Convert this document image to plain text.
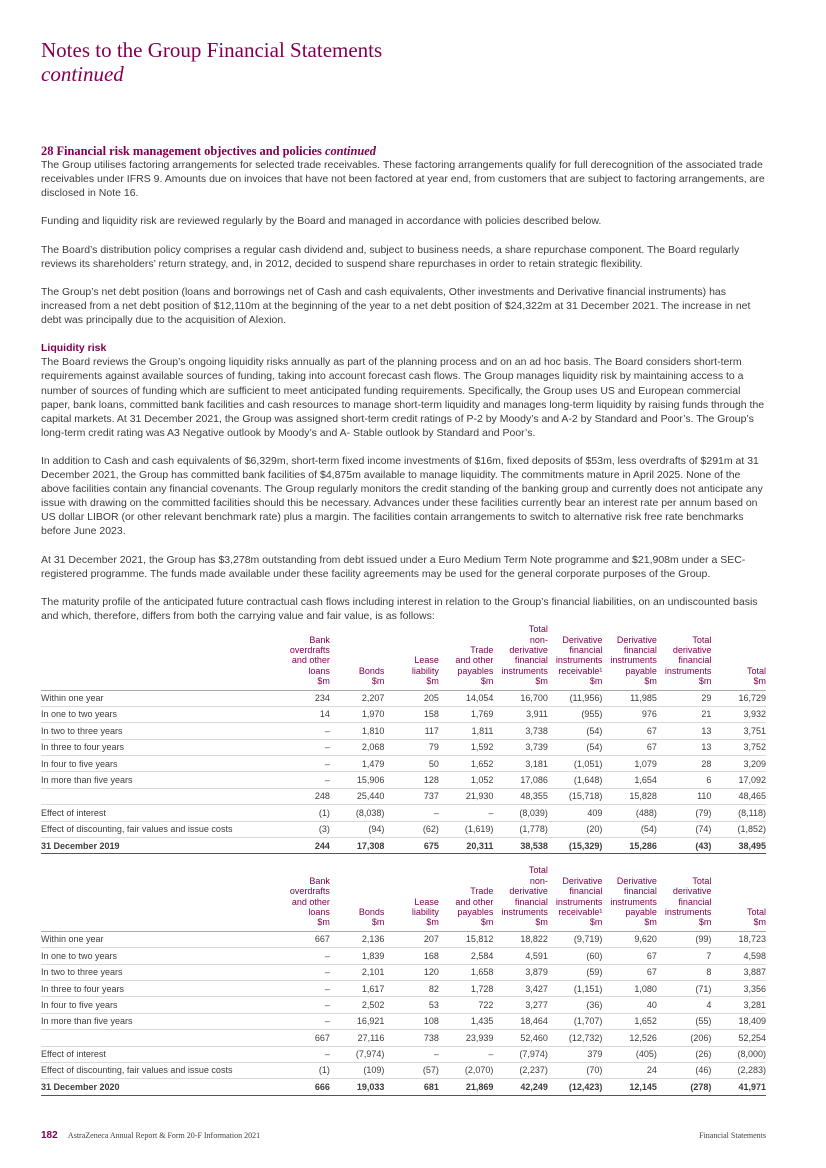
Notes to the Group Financial Statements
continued
28 Financial risk management objectives and policies continued

The Group utilises factoring arrangements for selected trade receivables. These factoring arrangements qualify for full derecognition of the associated trade receivables under IFRS 9. Amounts due on invoices that have not been factored at year end, from customers that are subject to factoring arrangements, are disclosed in Note 16.

Funding and liquidity risk are reviewed regularly by the Board and managed in accordance with policies described below.

The Board’s distribution policy comprises a regular cash dividend and, subject to business needs, a share repurchase component. The Board regularly reviews its shareholders’ return strategy, and, in 2012, decided to suspend share repurchases in order to retain strategic flexibility.

The Group’s net debt position (loans and borrowings net of Cash and cash equivalents, Other investments and Derivative financial instruments) has increased from a net debt position of $12,110m at the beginning of the year to a net debt position of $24,322m at 31 December 2021. The increase in net debt was principally due to the acquisition of Alexion.

Liquidity risk

The Board reviews the Group’s ongoing liquidity risks annually as part of the planning process and on an ad hoc basis. The Board considers short-term requirements against available sources of funding, taking into account forecast cash flows. The Group manages liquidity risk by maintaining access to a number of sources of funding which are sufficient to meet anticipated funding requirements. Specifically, the Group uses US and European commercial paper, bank loans, committed bank facilities and cash resources to manage short-term liquidity and manages long-term liquidity by raising funds through the capital markets. At 31 December 2021, the Group was assigned short-term credit ratings of P-2 by Moody’s and A-2 by Standard and Poor’s. The Group’s long-term credit rating was A3 Negative outlook by Moody’s and A- Stable outlook by Standard and Poor’s.

In addition to Cash and cash equivalents of $6,329m, short-term fixed income investments of $16m, fixed deposits of $53m, less overdrafts of $291m at 31 December 2021, the Group has committed bank facilities of $4,875m available to manage liquidity. The commitments mature in April 2025. None of the above facilities contain any financial covenants. The Group regularly monitors the credit standing of the banking group and currently does not anticipate any issue with drawing on the committed facilities should this be necessary. Advances under these facilities currently bear an interest rate per annum based on US dollar LIBOR (or other relevant benchmark rate) plus a margin. The facilities contain arrangements to switch to alternative risk free rate benchmarks before June 2023.

At 31 December 2021, the Group has $3,278m outstanding from debt issued under a Euro Medium Term Note programme and $21,908m under a SEC-registered programme. The funds made available under these facility agreements may be used for the general corporate purposes of the Group.

The maturity profile of the anticipated future contractual cash flows including interest in relation to the Group’s financial liabilities, on an undiscounted basis and which, therefore, differs from both the carrying value and fair value, is as follows:

	Bank
overdrafts
and other
loans
$m	Bonds
$m	Lease
liability
$m	Trade
and other
payables
$m	Total
non-derivative
financial
instruments
$m	Derivative
financial
instruments
receivable¹
$m	Derivative
financial
instruments
payable
$m	Total
derivative
financial
instruments
$m	Total
$m
Within one year	234	2,207	205	14,054	16,700	(11,956)	11,985	29	16,729
In one to two years	14	1,970	158	1,769	3,911	(955)	976	21	3,932
In two to three years	–	1,810	117	1,811	3,738	(54)	67	13	3,751
In three to four years	–	2,068	79	1,592	3,739	(54)	67	13	3,752
In four to five years	–	1,479	50	1,652	3,181	(1,051)	1,079	28	3,209
In more than five years	–	15,906	128	1,052	17,086	(1,648)	1,654	6	17,092
	248	25,440	737	21,930	48,355	(15,718)	15,828	110	48,465
Effect of interest	(1)	(8,038)	–	–	(8,039)	409	(488)	(79)	(8,118)
Effect of discounting, fair values and issue costs	(3)	(94)	(62)	(1,619)	(1,778)	(20)	(54)	(74)	(1,852)
31 December 2019	244	17,308	675	20,311	38,538	(15,329)	15,286	(43)	38,495
	Bank
overdrafts
and other
loans
$m	Bonds
$m	Lease
liability
$m	Trade
and other
payables
$m	Total
non-derivative
financial
instruments
$m	Derivative
financial
instruments
receivable¹
$m	Derivative
financial
instruments
payable
$m	Total
derivative
financial
instruments
$m	Total
$m
Within one year	667	2,136	207	15,812	18,822	(9,719)	9,620	(99)	18,723
In one to two years	–	1,839	168	2,584	4,591	(60)	67	7	4,598
In two to three years	–	2,101	120	1,658	3,879	(59)	67	8	3,887
In three to four years	–	1,617	82	1,728	3,427	(1,151)	1,080	(71)	3,356
In four to five years	–	2,502	53	722	3,277	(36)	40	4	3,281
In more than five years	–	16,921	108	1,435	18,464	(1,707)	1,652	(55)	18,409
	667	27,116	738	23,939	52,460	(12,732)	12,526	(206)	52,254
Effect of interest	–	(7,974)	–	–	(7,974)	379	(405)	(26)	(8,000)
Effect of discounting, fair values and issue costs	(1)	(109)	(57)	(2,070)	(2,237)	(70)	24	(46)	(2,283)
31 December 2020	666	19,033	681	21,869	42,249	(12,423)	12,145	(278)	41,971
182 AstraZeneca Annual Report & Form 20-F Information 2021	Financial Statements
